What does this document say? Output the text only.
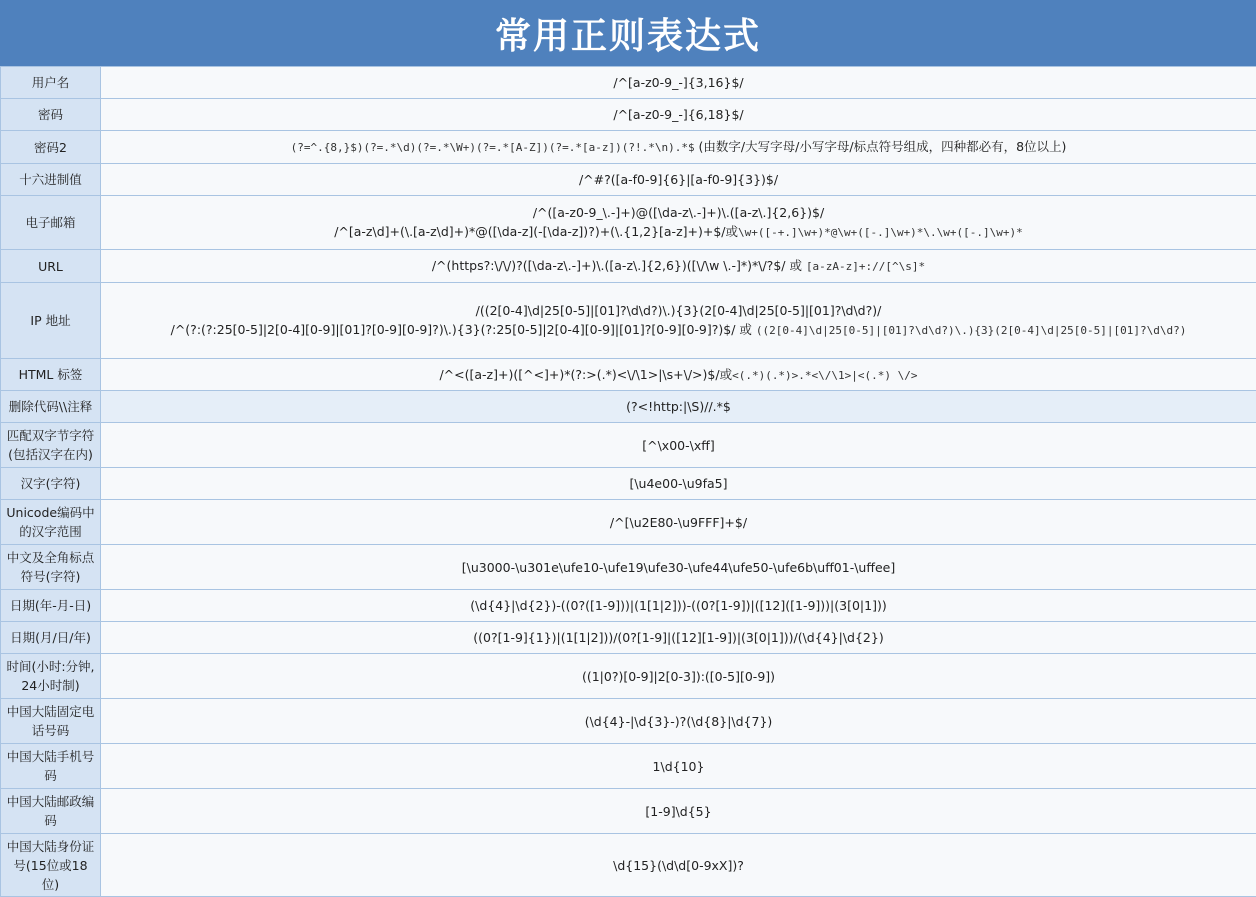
常用正则表达式
用户名	/^[a-z0-9_-]{3,16}$/

密码	/^[a-z0-9_-]{6,18}$/

密码2	(?=^.{8,}$)(?=.*\d)(?=.*\W+)(?=.*[A-Z])(?=.*[a-z])(?!.*\n).*$ (由数字/大写字母/小写字母/标点符号组成，四种都必有，8位以上)

十六进制值	/^#?([a-f0-9]{6}|[a-f0-9]{3})$/

电子邮箱	/^([a-z0-9_\.-]+)@([\da-z\.-]+)\.([a-z\.]{2,6})$/
/^[a-z\d]+(\.[a-z\d]+)*@([\da-z](-[\da-z])?)+(\.{1,2}[a-z]+)+$/或\w+([-+.]\w+)*@\w+([-.]\w+)*\.\w+([-.]\w+)*

URL	/^(https?:\/\/)?([\da-z\.-]+)\.([a-z\.]{2,6})([\/\w \.-]*)*\/?$/ 或 [a-zA-z]+://[^\s]*

IP 地址	/((2[0-4]\d|25[0-5]|[01]?\d\d?)\.){3}(2[0-4]\d|25[0-5]|[01]?\d\d?)/
/^(?:(?:25[0-5]|2[0-4][0-9]|[01]?[0-9][0-9]?)\.){3}(?:25[0-5]|2[0-4][0-9]|[01]?[0-9][0-9]?)$/ 或 ((2[0-4]\d|25[0-5]|[01]?\d\d?)\.){3}(2[0-4]\d|25[0-5]|[01]?\d\d?)

HTML 标签	/^<([a-z]+)([^<]+)*(?:>(.*)<\/\1>|\s+\/>)$/或<(.*)(.*)>.*<\/\1>|<(.*) \/>

删除代码\\注释	(?<!http:|\S)//.*$

匹配双字节字符(包括汉字在内)	[^\x00-\xff]

汉字(字符)	[\u4e00-\u9fa5]

Unicode编码中的汉字范围	/^[\u2E80-\u9FFF]+$/

中文及全角标点符号(字符)	[\u3000-\u301e\ufe10-\ufe19\ufe30-\ufe44\ufe50-\ufe6b\uff01-\uffee]

日期(年-月-日)	(\d{4}|\d{2})-((0?([1-9]))|(1[1|2]))-((0?[1-9])|([12]([1-9]))|(3[0|1]))

日期(月/日/年)	((0?[1-9]{1})|(1[1|2]))/(0?[1-9]|([12][1-9])|(3[0|1]))/(\d{4}|\d{2})

时间(小时:分钟, 24小时制)	((1|0?)[0-9]|2[0-3]):([0-5][0-9])

中国大陆固定电话号码	(\d{4}-|\d{3}-)?(\d{8}|\d{7})

中国大陆手机号码	1\d{10}

中国大陆邮政编码	[1-9]\d{5}

中国大陆身份证号(15位或18位)	\d{15}(\d\d[0-9xX])?
